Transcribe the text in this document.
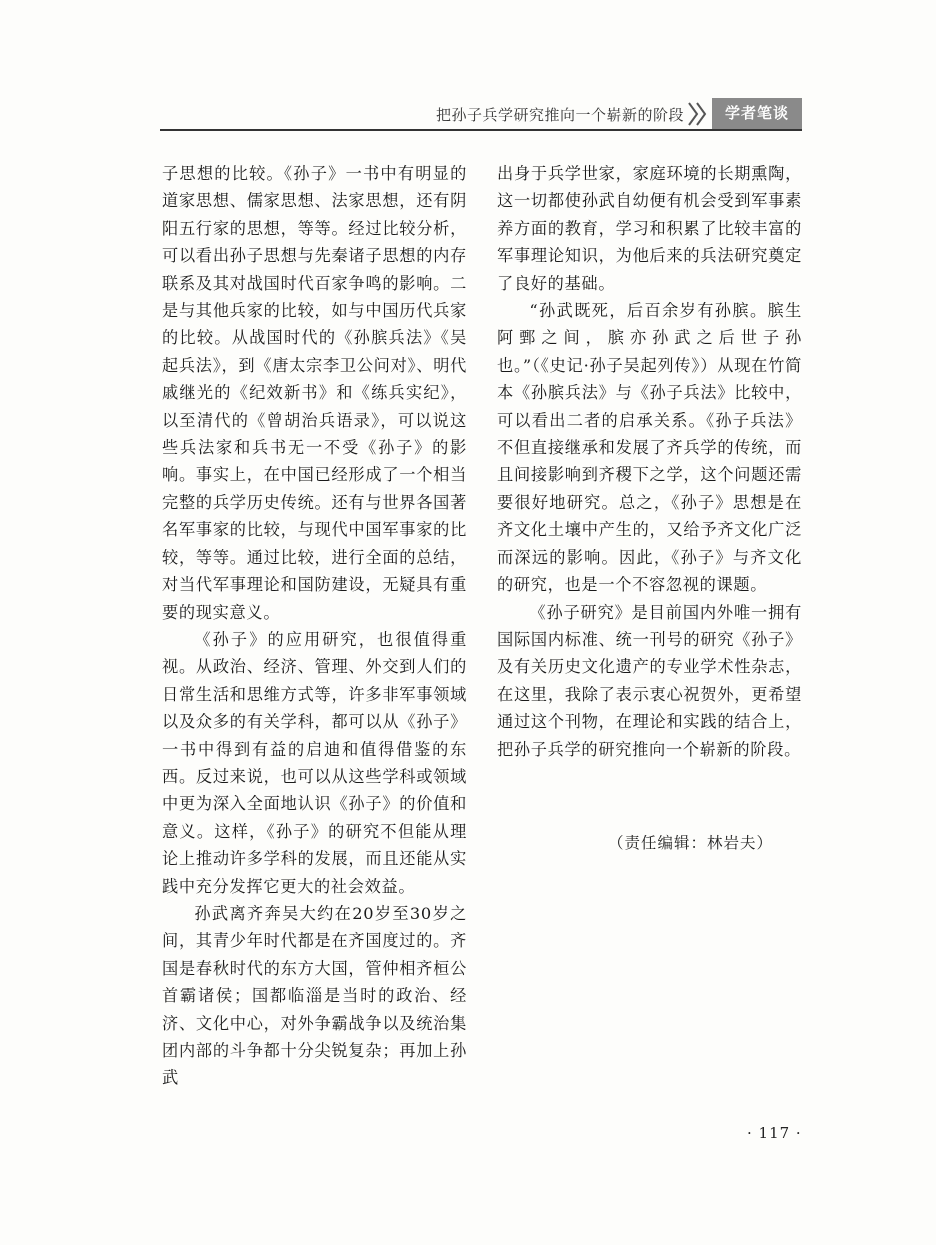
把孙子兵学研究推向一个崭新的阶段	学者笔谈

子思想的比较。《孙子》一书中有明显的道家思想、儒家思想、法家思想，还有阴阳五行家的思想，等等。经过比较分析，可以看出孙子思想与先秦诸子思想的内存联系及其对战国时代百家争鸣的影响。二是与其他兵家的比较，如与中国历代兵家的比较。从战国时代的《孙膑兵法》《吴起兵法》，到《唐太宗李卫公问对》、明代戚继光的《纪效新书》和《练兵实纪》，以至清代的《曾胡治兵语录》，可以说这些兵法家和兵书无一不受《孙子》的影响。事实上，在中国已经形成了一个相当完整的兵学历史传统。还有与世界各国著名军事家的比较，与现代中国军事家的比较，等等。通过比较，进行全面的总结，对当代军事理论和国防建设，无疑具有重要的现实意义。

《孙子》的应用研究，也很值得重视。从政治、经济、管理、外交到人们的日常生活和思维方式等，许多非军事领域以及众多的有关学科，都可以从《孙子》一书中得到有益的启迪和值得借鉴的东西。反过来说，也可以从这些学科或领域中更为深入全面地认识《孙子》的价值和意义。这样，《孙子》的研究不但能从理论上推动许多学科的发展，而且还能从实践中充分发挥它更大的社会效益。

孙武离齐奔吴大约在20岁至30岁之间，其青少年时代都是在齐国度过的。齐国是春秋时代的东方大国，管仲相齐桓公首霸诸侯；国都临淄是当时的政治、经济、文化中心，对外争霸战争以及统治集团内部的斗争都十分尖锐复杂；再加上孙武

出身于兵学世家，家庭环境的长期熏陶，这一切都使孙武自幼便有机会受到军事素养方面的教育，学习和积累了比较丰富的军事理论知识，为他后来的兵法研究奠定了良好的基础。

“孙武既死，后百余岁有孙膑。膑生阿鄄之间，膑亦孙武之后世子孙也。”（《史记·孙子吴起列传》）从现在竹简本《孙膑兵法》与《孙子兵法》比较中，可以看出二者的启承关系。《孙子兵法》不但直接继承和发展了齐兵学的传统，而且间接影响到齐稷下之学，这个问题还需要很好地研究。总之，《孙子》思想是在齐文化土壤中产生的，又给予齐文化广泛而深远的影响。因此，《孙子》与齐文化的研究，也是一个不容忽视的课题。

《孙子研究》是目前国内外唯一拥有国际国内标准、统一刊号的研究《孙子》及有关历史文化遗产的专业学术性杂志，在这里，我除了表示衷心祝贺外，更希望通过这个刊物，在理论和实践的结合上，把孙子兵学的研究推向一个崭新的阶段。

（责任编辑：林岩夫）
· 117 ·
